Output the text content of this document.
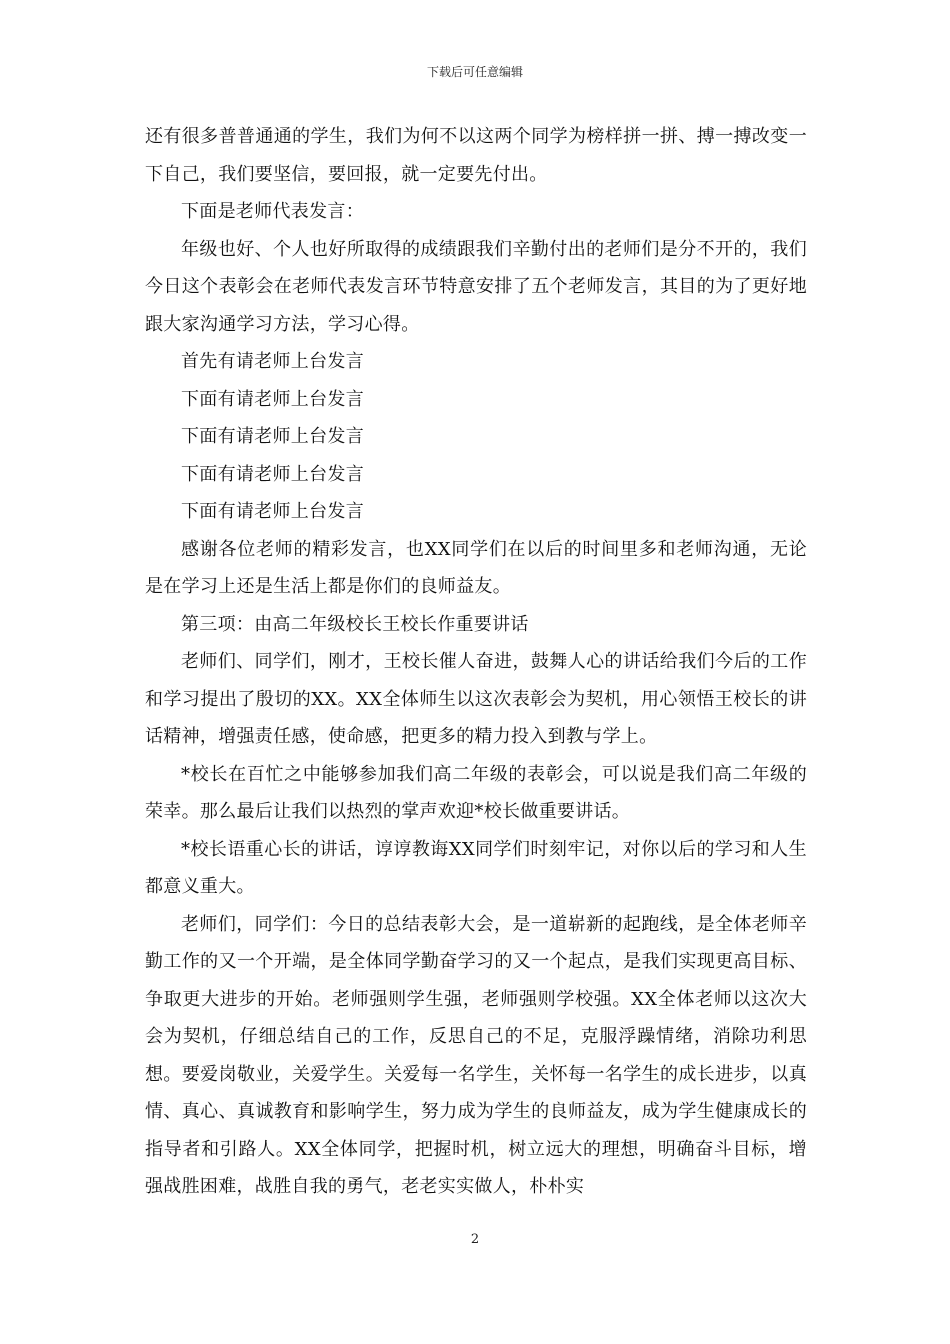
下载后可任意编辑

还有很多普普通通的学生，我们为何不以这两个同学为榜样拼一拼、搏一搏改变一下自己，我们要坚信，要回报，就一定要先付出。

下面是老师代表发言：

年级也好、个人也好所取得的成绩跟我们辛勤付出的老师们是分不开的，我们今日这个表彰会在老师代表发言环节特意安排了五个老师发言，其目的为了更好地跟大家沟通学习方法，学习心得。

首先有请老师上台发言

下面有请老师上台发言

下面有请老师上台发言

下面有请老师上台发言

下面有请老师上台发言

感谢各位老师的精彩发言，也XX同学们在以后的时间里多和老师沟通，无论是在学习上还是生活上都是你们的良师益友。

第三项：由高二年级校长王校长作重要讲话

老师们、同学们，刚才，王校长催人奋进，鼓舞人心的讲话给我们今后的工作和学习提出了殷切的XX。XX全体师生以这次表彰会为契机，用心领悟王校长的讲话精神，增强责任感，使命感，把更多的精力投入到教与学上。

*校长在百忙之中能够参加我们高二年级的表彰会，可以说是我们高二年级的荣幸。那么最后让我们以热烈的掌声欢迎*校长做重要讲话。

*校长语重心长的讲话，谆谆教诲XX同学们时刻牢记，对你以后的学习和人生都意义重大。

老师们，同学们：今日的总结表彰大会，是一道崭新的起跑线，是全体老师辛勤工作的又一个开端，是全体同学勤奋学习的又一个起点，是我们实现更高目标、争取更大进步的开始。老师强则学生强，老师强则学校强。XX全体老师以这次大会为契机，仔细总结自己的工作，反思自己的不足，克服浮躁情绪，消除功利思想。要爱岗敬业，关爱学生。关爱每一名学生，关怀每一名学生的成长进步，以真情、真心、真诚教育和影响学生，努力成为学生的良师益友，成为学生健康成长的指导者和引路人。XX全体同学，把握时机，树立远大的理想，明确奋斗目标，增强战胜困难，战胜自我的勇气，老老实实做人，朴朴实

2
